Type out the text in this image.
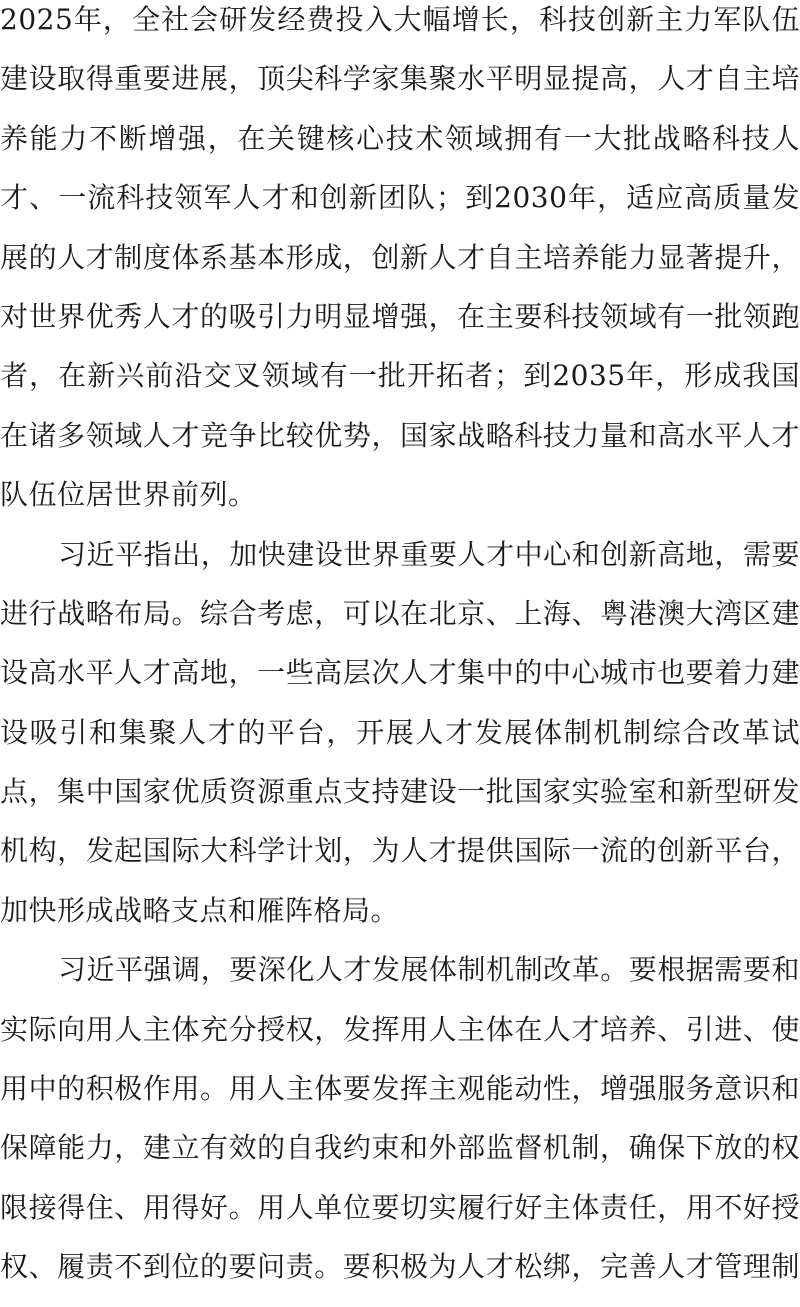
2025年，全社会研发经费投入大幅增长，科技创新主力军队伍
建设取得重要进展，顶尖科学家集聚水平明显提高，人才自主培
养能力不断增强，在关键核心技术领域拥有一大批战略科技人
才、一流科技领军人才和创新团队；到2030年，适应高质量发
展的人才制度体系基本形成，创新人才自主培养能力显著提升，
对世界优秀人才的吸引力明显增强，在主要科技领域有一批领跑
者，在新兴前沿交叉领域有一批开拓者；到2035年，形成我国
在诸多领域人才竞争比较优势，国家战略科技力量和高水平人才
队伍位居世界前列。
习近平指出，加快建设世界重要人才中心和创新高地，需要
进行战略布局。综合考虑，可以在北京、上海、粤港澳大湾区建
设高水平人才高地，一些高层次人才集中的中心城市也要着力建
设吸引和集聚人才的平台，开展人才发展体制机制综合改革试
点，集中国家优质资源重点支持建设一批国家实验室和新型研发
机构，发起国际大科学计划，为人才提供国际一流的创新平台，
加快形成战略支点和雁阵格局。
习近平强调，要深化人才发展体制机制改革。要根据需要和
实际向用人主体充分授权，发挥用人主体在人才培养、引进、使
用中的积极作用。用人主体要发挥主观能动性，增强服务意识和
保障能力，建立有效的自我约束和外部监督机制，确保下放的权
限接得住、用得好。用人单位要切实履行好主体责任，用不好授
权、履责不到位的要问责。要积极为人才松绑，完善人才管理制
